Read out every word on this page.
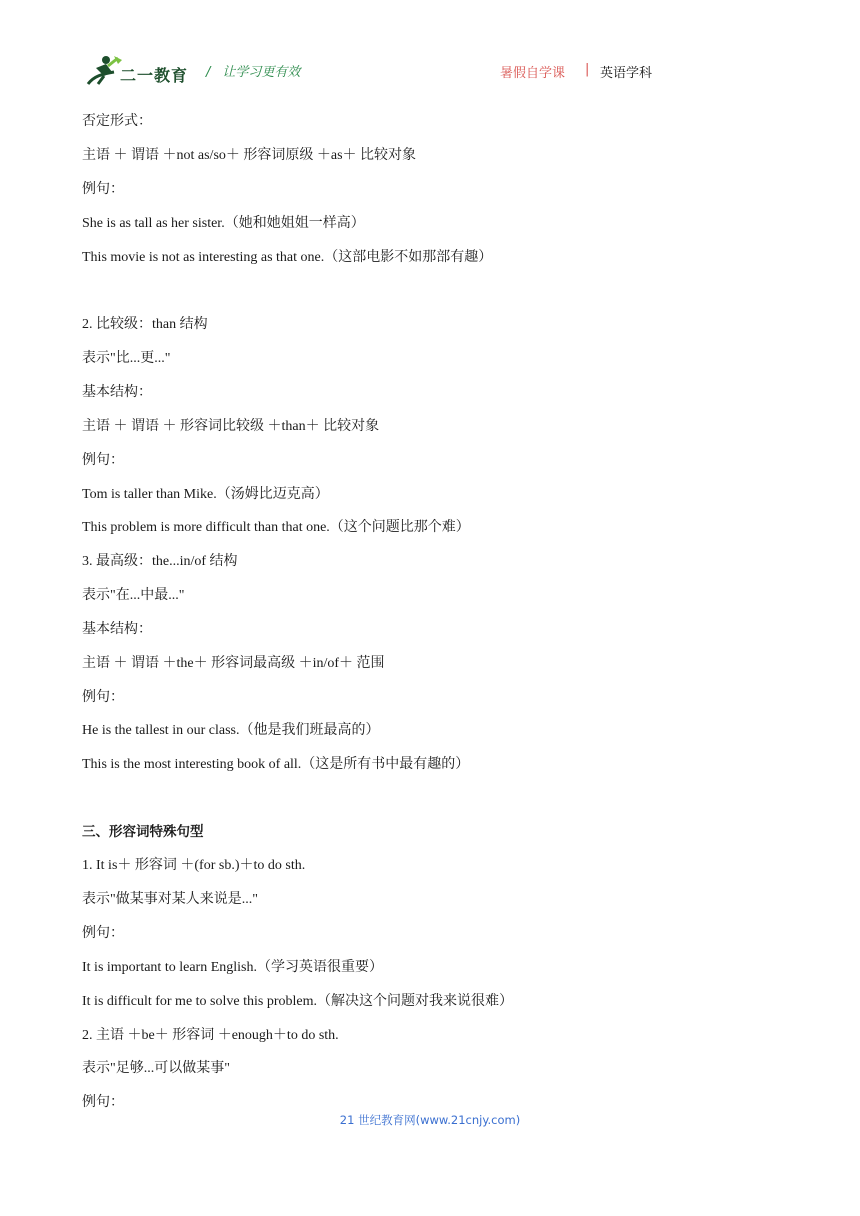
二一教育 / 让学习更有效	暑假自学课 | 英语学科
否定形式：
主语 ＋ 谓语 ＋not as/so＋ 形容词原级 ＋as＋ 比较对象
例句：
She is as tall as her sister.（她和她姐姐一样高）
This movie is not as interesting as that one.（这部电影不如那部有趣）
2. 比较级：than 结构
表示"比...更..."
基本结构：
主语 ＋ 谓语 ＋ 形容词比较级 ＋than＋ 比较对象
例句：
Tom is taller than Mike.（汤姆比迈克高）
This problem is more difficult than that one.（这个问题比那个难）
3. 最高级：the...in/of 结构
表示"在...中最..."
基本结构：
主语 ＋ 谓语 ＋the＋ 形容词最高级 ＋in/of＋ 范围
例句：
He is the tallest in our class.（他是我们班最高的）
This is the most interesting book of all.（这是所有书中最有趣的）
三、形容词特殊句型
1. It is＋ 形容词 ＋(for sb.)＋to do sth.
表示"做某事对某人来说是..."
例句：
It is important to learn English.（学习英语很重要）
It is difficult for me to solve this problem.（解决这个问题对我来说很难）
2. 主语 ＋be＋ 形容词 ＋enough＋to do sth.
表示"足够...可以做某事"
例句：
21 世纪教育网(www.21cnjy.com)
